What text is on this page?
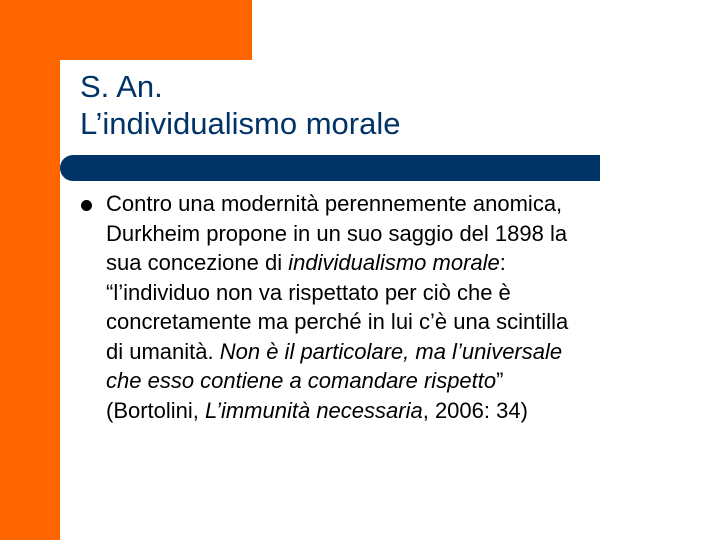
S. An.
L’individualismo morale

Contro una modernità perennemente anomica,
Durkheim propone in un suo saggio del 1898 la
sua concezione di individualismo morale:
“l’individuo non va rispettato per ciò che è
concretamente ma perché in lui c’è una scintilla
di umanità. Non è il particolare, ma l’universale
che esso contiene a comandare rispetto”
(Bortolini, L’immunità necessaria, 2006: 34)
